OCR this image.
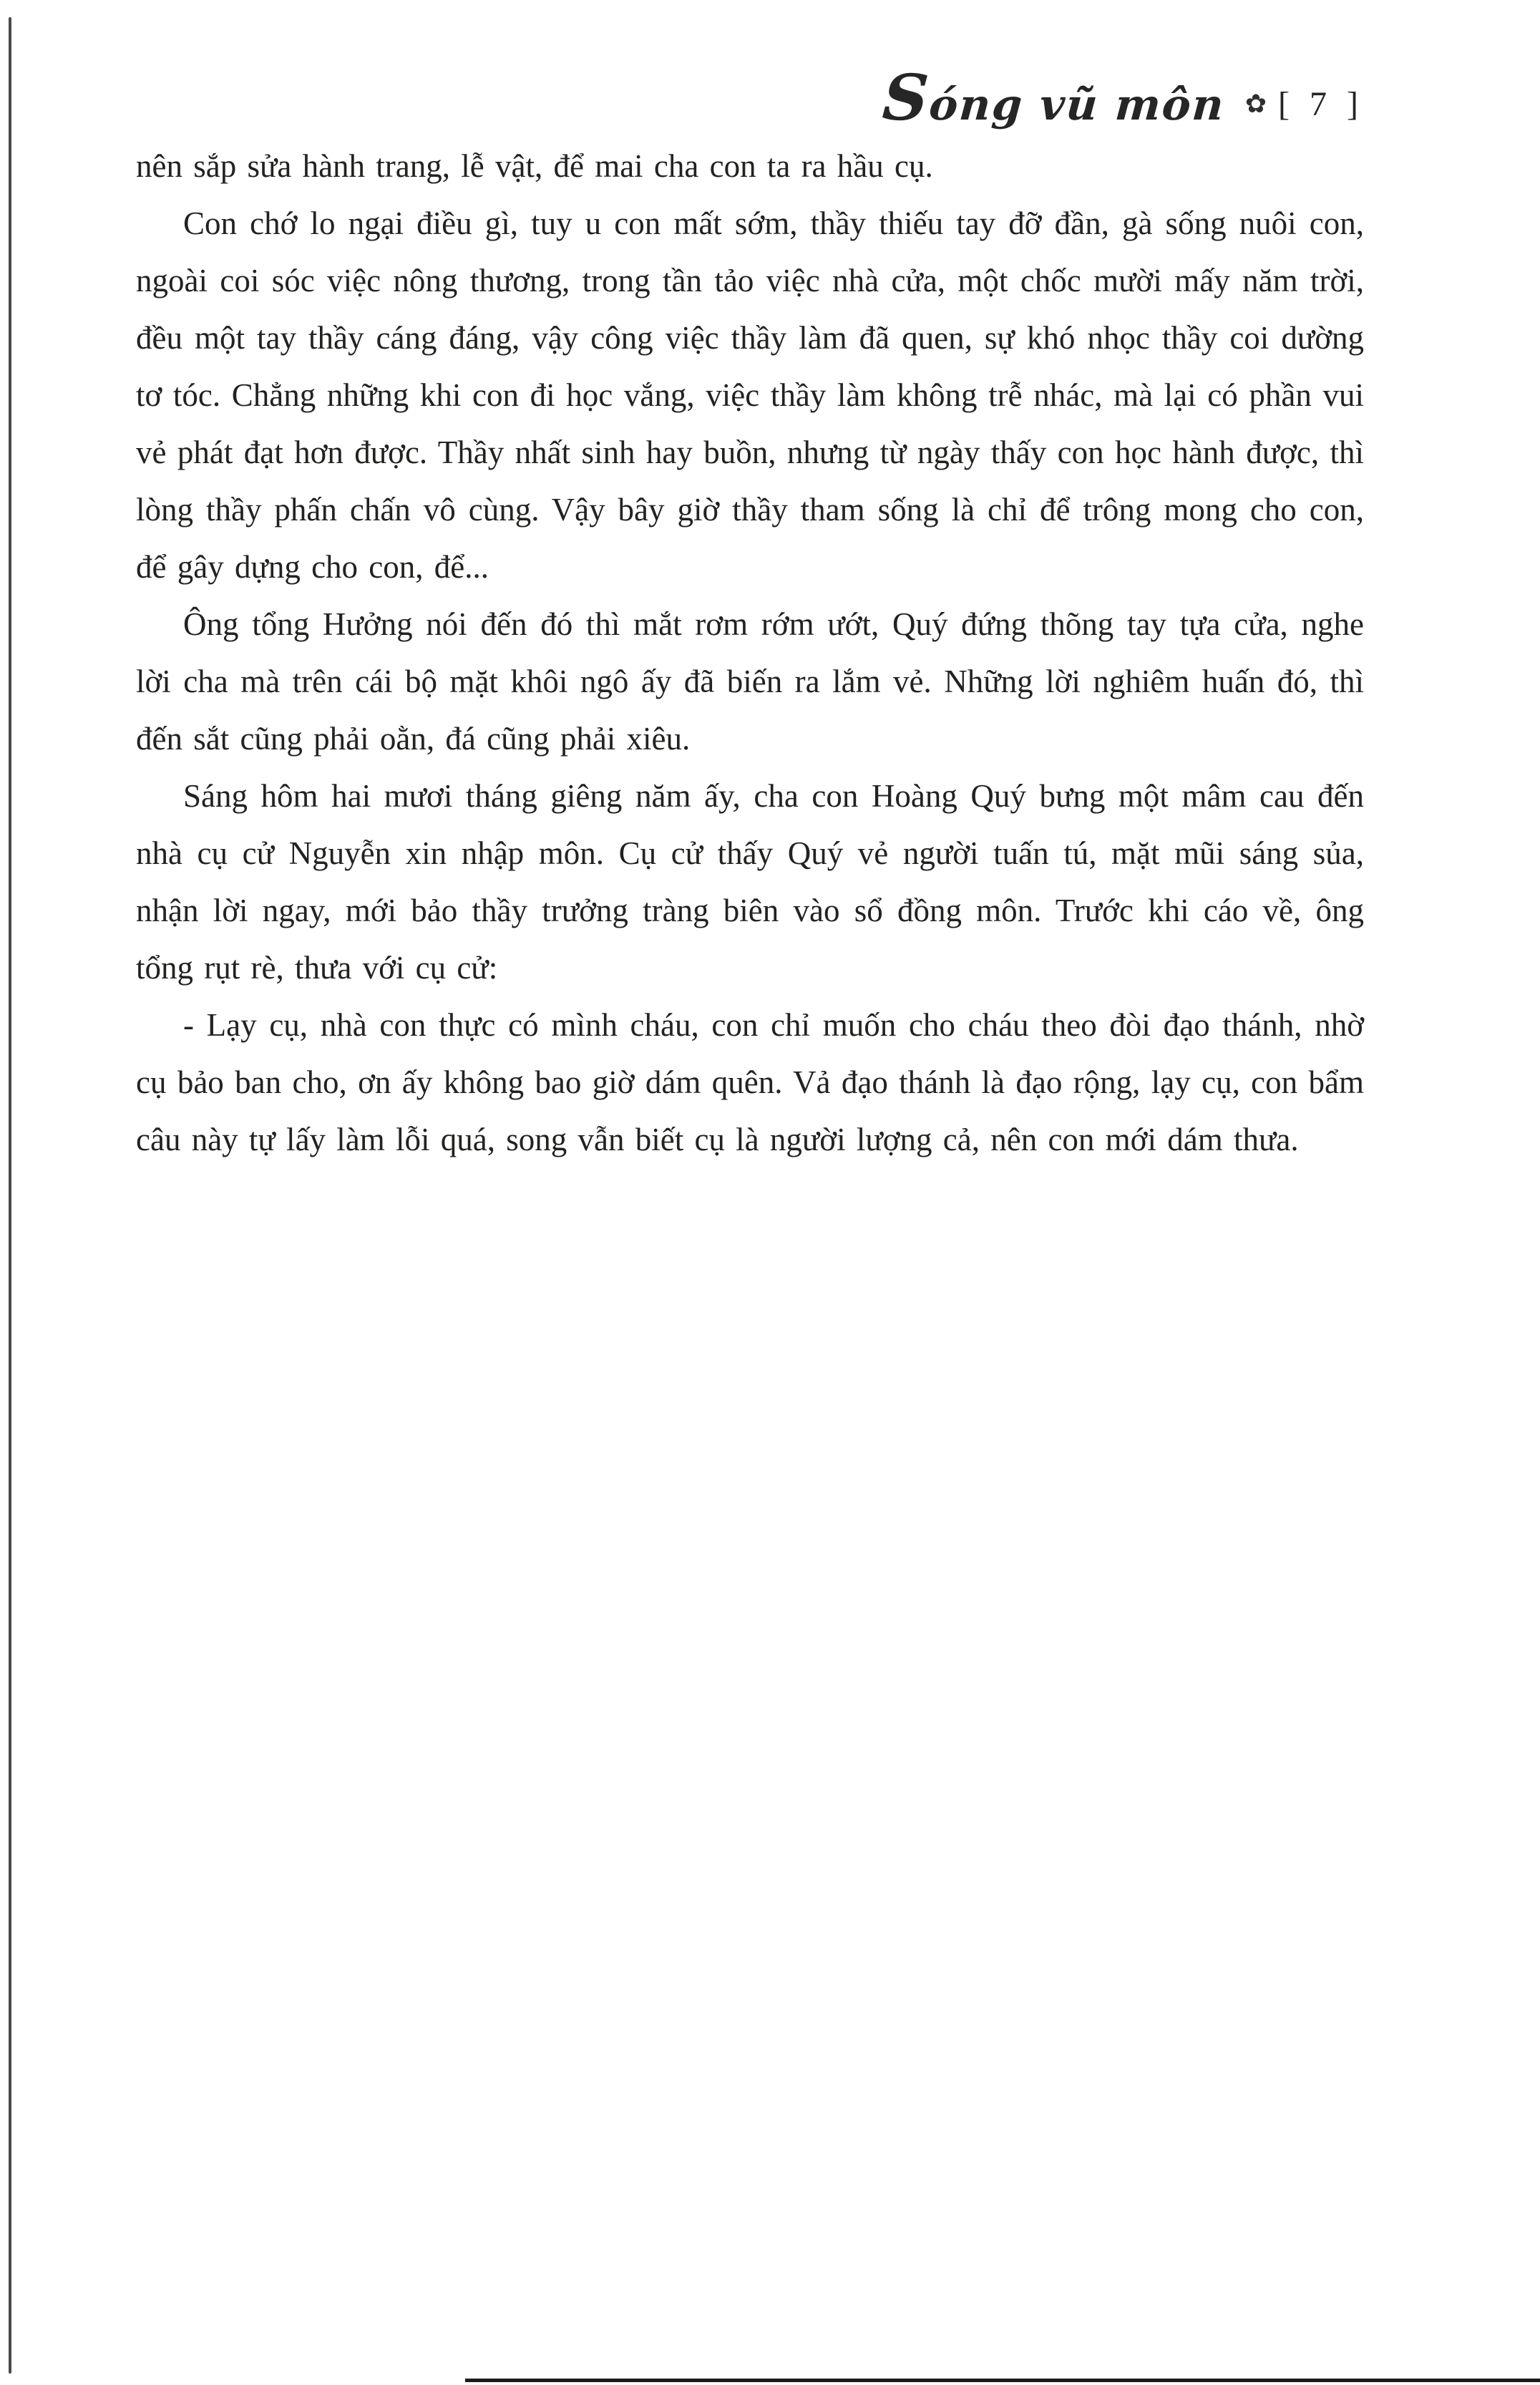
Sóng vũ môn ✿ [ 7 ]

nên sắp sửa hành trang, lễ vật, để mai cha con ta ra hầu cụ.

Con chớ lo ngại điều gì, tuy u con mất sớm, thầy thiếu tay đỡ đần, gà sống nuôi con, ngoài coi sóc việc nông thương, trong tần tảo việc nhà cửa, một chốc mười mấy năm trời, đều một tay thầy cáng đáng, vậy công việc thầy làm đã quen, sự khó nhọc thầy coi dường tơ tóc. Chẳng những khi con đi học vắng, việc thầy làm không trễ nhác, mà lại có phần vui vẻ phát đạt hơn được. Thầy nhất sinh hay buồn, nhưng từ ngày thấy con học hành được, thì lòng thầy phấn chấn vô cùng. Vậy bây giờ thầy tham sống là chỉ để trông mong cho con, để gây dựng cho con, để...

Ông tổng Hưởng nói đến đó thì mắt rơm rớm ướt, Quý đứng thõng tay tựa cửa, nghe lời cha mà trên cái bộ mặt khôi ngô ấy đã biến ra lắm vẻ. Những lời nghiêm huấn đó, thì đến sắt cũng phải oằn, đá cũng phải xiêu.

Sáng hôm hai mươi tháng giêng năm ấy, cha con Hoàng Quý bưng một mâm cau đến nhà cụ cử Nguyễn xin nhập môn. Cụ cử thấy Quý vẻ người tuấn tú, mặt mũi sáng sủa, nhận lời ngay, mới bảo thầy trưởng tràng biên vào sổ đồng môn. Trước khi cáo về, ông tổng rụt rè, thưa với cụ cử:

- Lạy cụ, nhà con thực có mình cháu, con chỉ muốn cho cháu theo đòi đạo thánh, nhờ cụ bảo ban cho, ơn ấy không bao giờ dám quên. Vả đạo thánh là đạo rộng, lạy cụ, con bẩm câu này tự lấy làm lỗi quá, song vẫn biết cụ là người lượng cả, nên con mới dám thưa.
